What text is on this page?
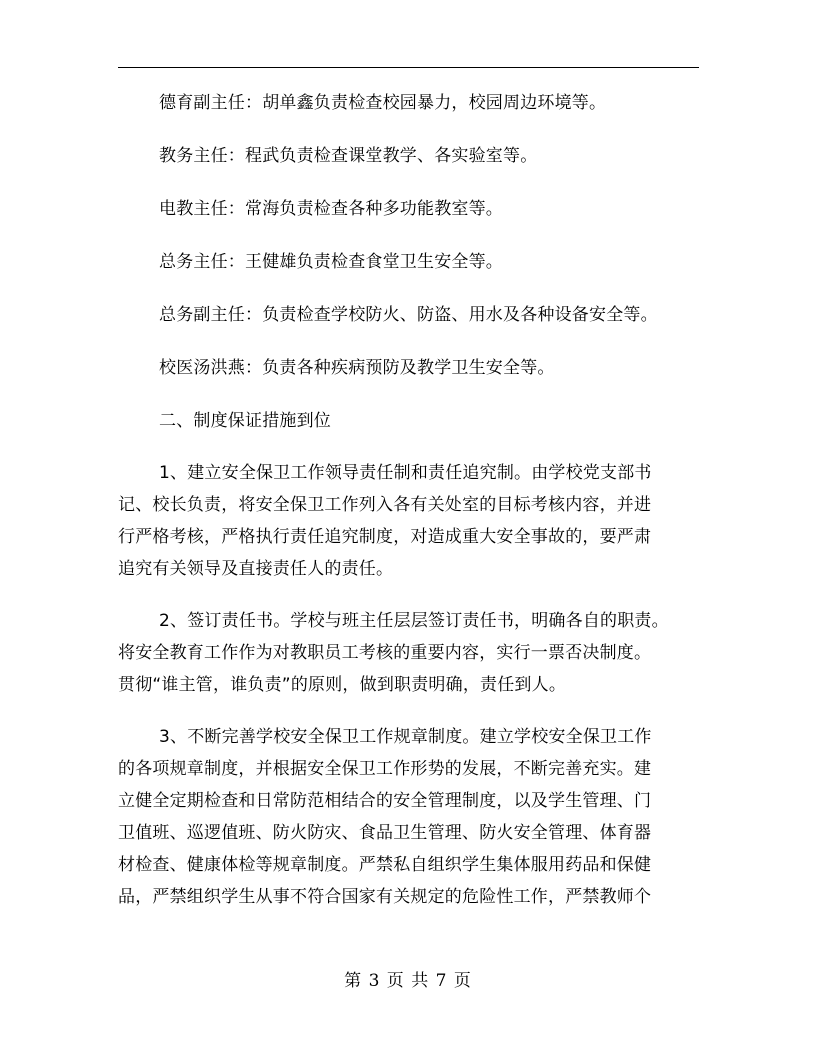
德育副主任：胡单鑫负责检查校园暴力，校园周边环境等。
教务主任：程武负责检查课堂教学、各实验室等。
电教主任：常海负责检查各种多功能教室等。
总务主任：王健雄负责检查食堂卫生安全等。
总务副主任：负责检查学校防火、防盗、用水及各种设备安全等。
校医汤洪燕：负责各种疾病预防及教学卫生安全等。
二、制度保证措施到位
1、建立安全保卫工作领导责任制和责任追究制。由学校党支部书
记、校长负责，将安全保卫工作列入各有关处室的目标考核内容，并进
行严格考核，严格执行责任追究制度，对造成重大安全事故的，要严肃
追究有关领导及直接责任人的责任。
2、签订责任书。学校与班主任层层签订责任书，明确各自的职责。
将安全教育工作作为对教职员工考核的重要内容，实行一票否决制度。
贯彻“谁主管，谁负责”的原则，做到职责明确，责任到人。
3、不断完善学校安全保卫工作规章制度。建立学校安全保卫工作
的各项规章制度，并根据安全保卫工作形势的发展，不断完善充实。建
立健全定期检查和日常防范相结合的安全管理制度，以及学生管理、门
卫值班、巡逻值班、防火防灾、食品卫生管理、防火安全管理、体育器
材检查、健康体检等规章制度。严禁私自组织学生集体服用药品和保健
品，严禁组织学生从事不符合国家有关规定的危险性工作，严禁教师个
第 3 页 共 7 页
